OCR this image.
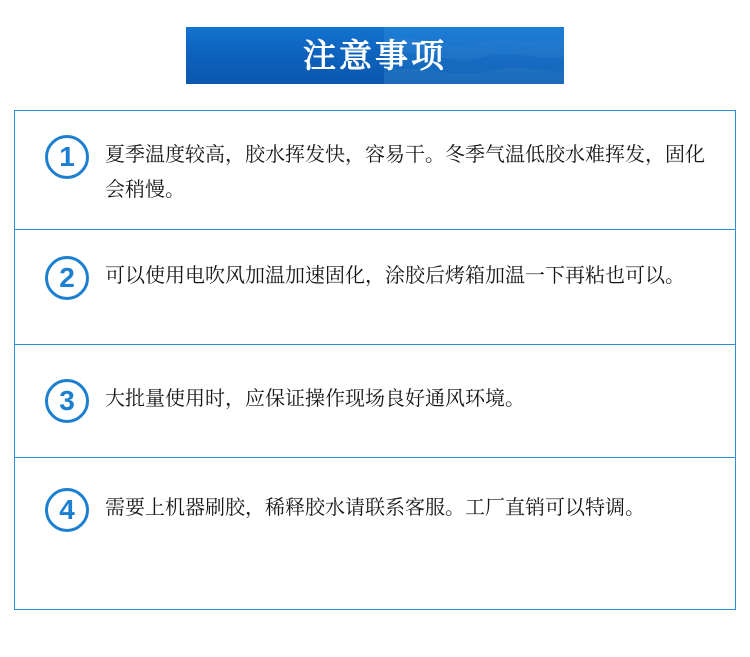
注意事项
1	夏季温度较高，胶水挥发快，容易干。冬季气温低胶水难挥发，固化会稍慢。
2	可以使用电吹风加温加速固化，涂胶后烤箱加温一下再粘也可以。
3	大批量使用时，应保证操作现场良好通风环境。
4	需要上机器刷胶，稀释胶水请联系客服。工厂直销可以特调。
